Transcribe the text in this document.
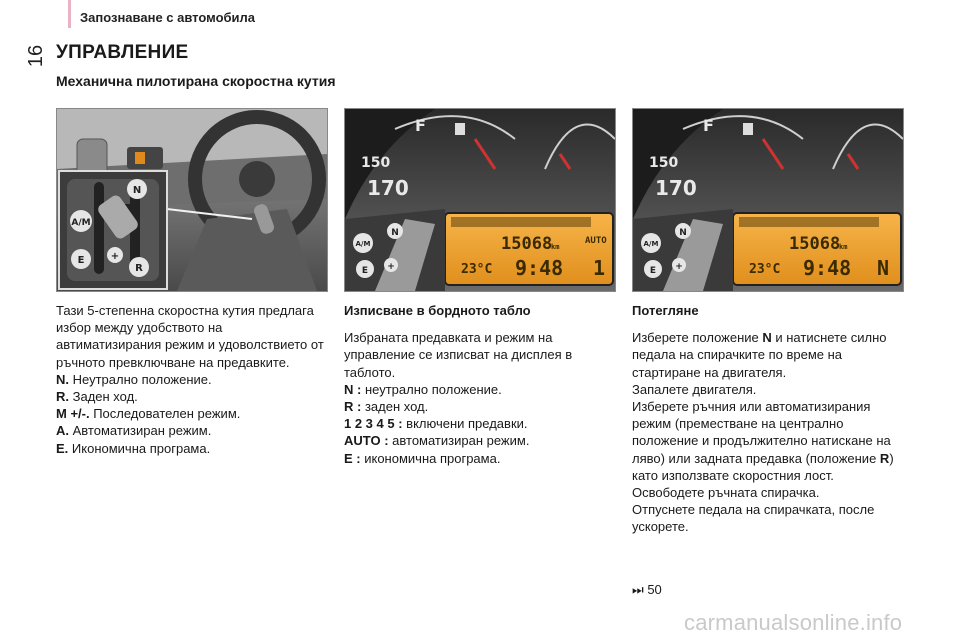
Запознаване с автомобила
16 УПРАВЛЕНИЕ
Механична пилотирана скоростна кутия
A/M
N
+
E
R
F
150
170
15068
km
AUTO
23°C 9:48 1
A/M
N
E +
F
150
170
15068
km
23°C 9:48 N
A/M
N
E +

Тази 5-степенна скоростна кутия предлага избор между удобството на автиматизирания режим и удоволствието от ръчното превключване на предавките.

N. Неутрално положение.

R. Заден ход.

M +/-. Последователен режим.

A. Автоматизиран режим.

E. Икономична програма.

Изписване в бордното табло

Избраната предавката и режим на управление се изписват на дисплея в таблото.

N : неутрално положение.

R : заден ход.

1 2 3 4 5 : включени предавки.

AUTO : автоматизиран режим.

E : икономична програма.

Потегляне

Изберете положение N и натиснете силно педала на спирачките по време на стартиране на двигателя.

Запалете двигателя.

Изберете ръчния или автоматизирания режим (преместване на централно положение и продължително натискане на ляво) или задната предавка (положение R) като използвате скоростния лост.

Освободете ръчната спирачка.

Отпуснете педала на спирачката, после ускорете.

⏭ 50
carmanualsonline.info
